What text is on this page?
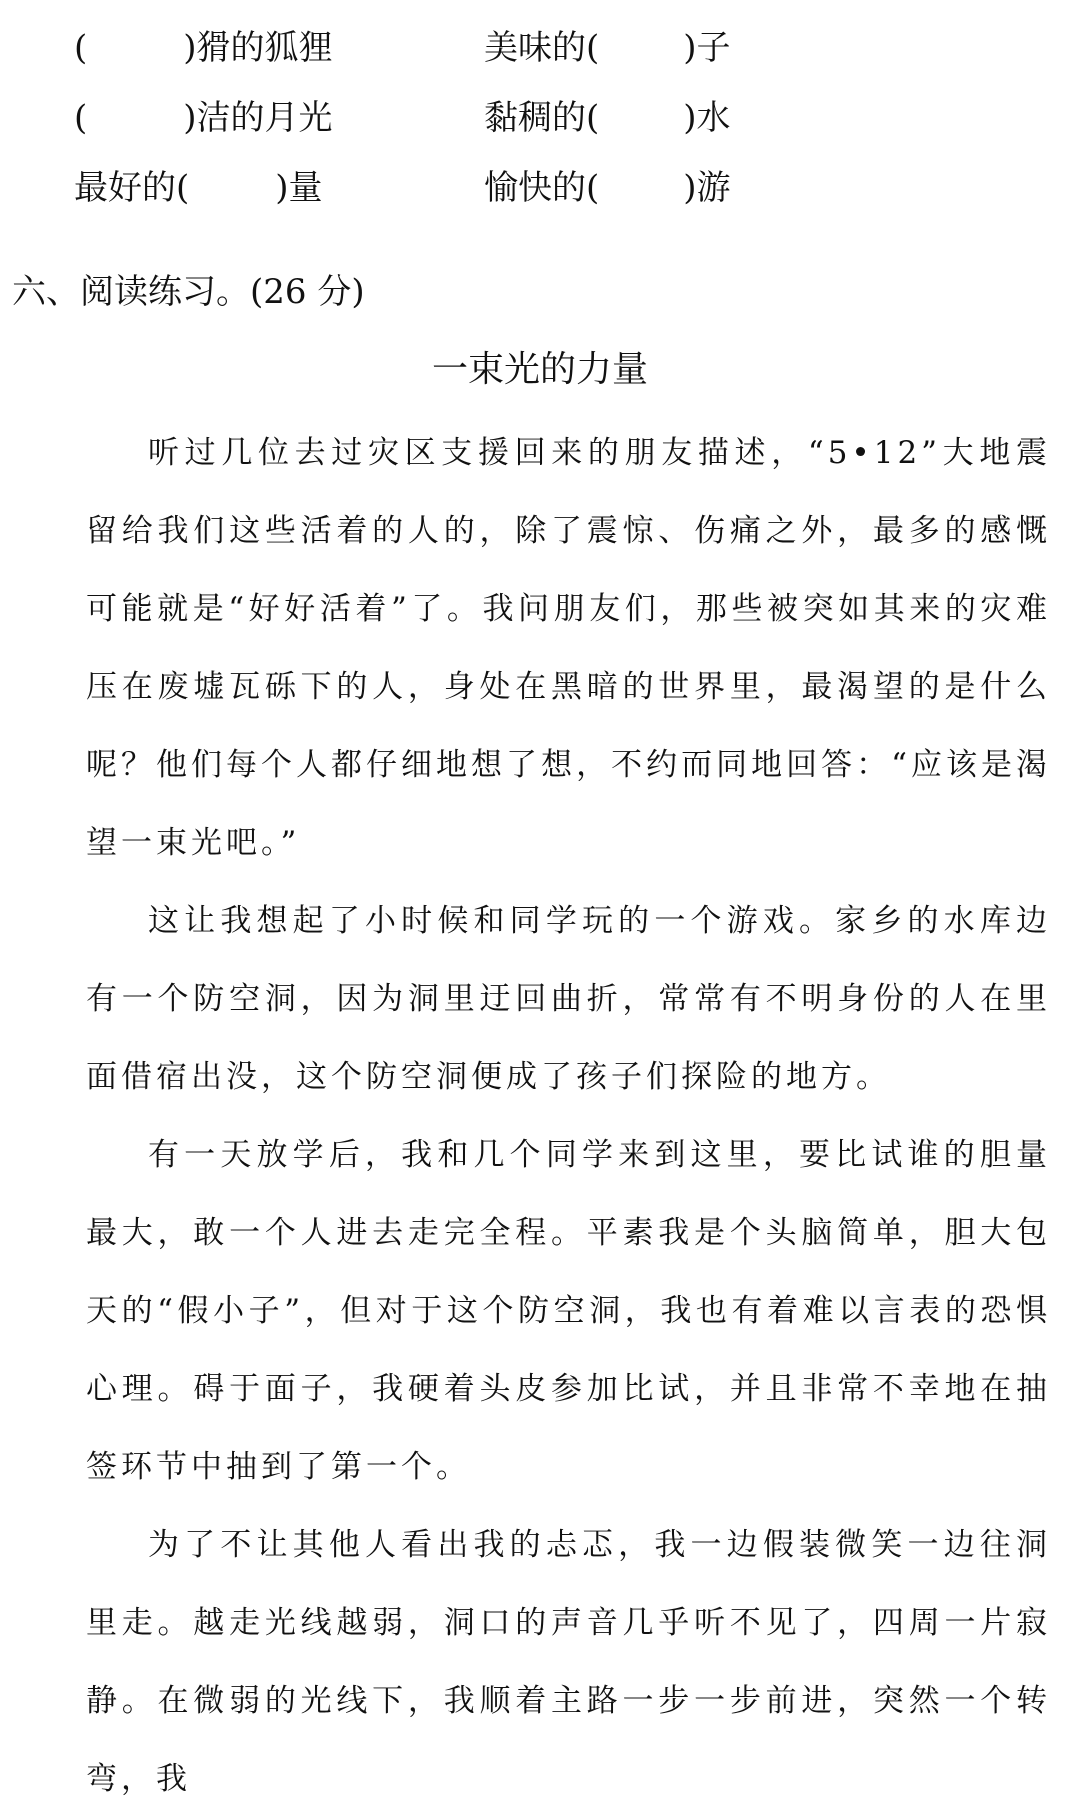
(	)猾的狐狸	美味的( )子
(	)洁的月光	黏稠的( )水
最好的(	)量	愉快的( )游
六、阅读练习。(26 分)
一束光的力量

听过几位去过灾区支援回来的朋友描述，“5•12”大地震留给我们这些活着的人的，除了震惊、伤痛之外，最多的感慨可能就是“好好活着”了。我问朋友们，那些被突如其来的灾难压在废墟瓦砾下的人，身处在黑暗的世界里，最渴望的是什么呢？他们每个人都仔细地想了想，不约而同地回答：“应该是渴望一束光吧。”

这让我想起了小时候和同学玩的一个游戏。家乡的水库边有一个防空洞，因为洞里迂回曲折，常常有不明身份的人在里面借宿出没，这个防空洞便成了孩子们探险的地方。

有一天放学后，我和几个同学来到这里，要比试谁的胆量最大，敢一个人进去走完全程。平素我是个头脑简单，胆大包天的“假小子”，但对于这个防空洞，我也有着难以言表的恐惧心理。碍于面子，我硬着头皮参加比试，并且非常不幸地在抽签环节中抽到了第一个。

为了不让其他人看出我的忐忑，我一边假装微笑一边往洞里走。越走光线越弱，洞口的声音几乎听不见了，四周一片寂静。在微弱的光线下，我顺着主路一步一步前进，突然一个转弯，我
